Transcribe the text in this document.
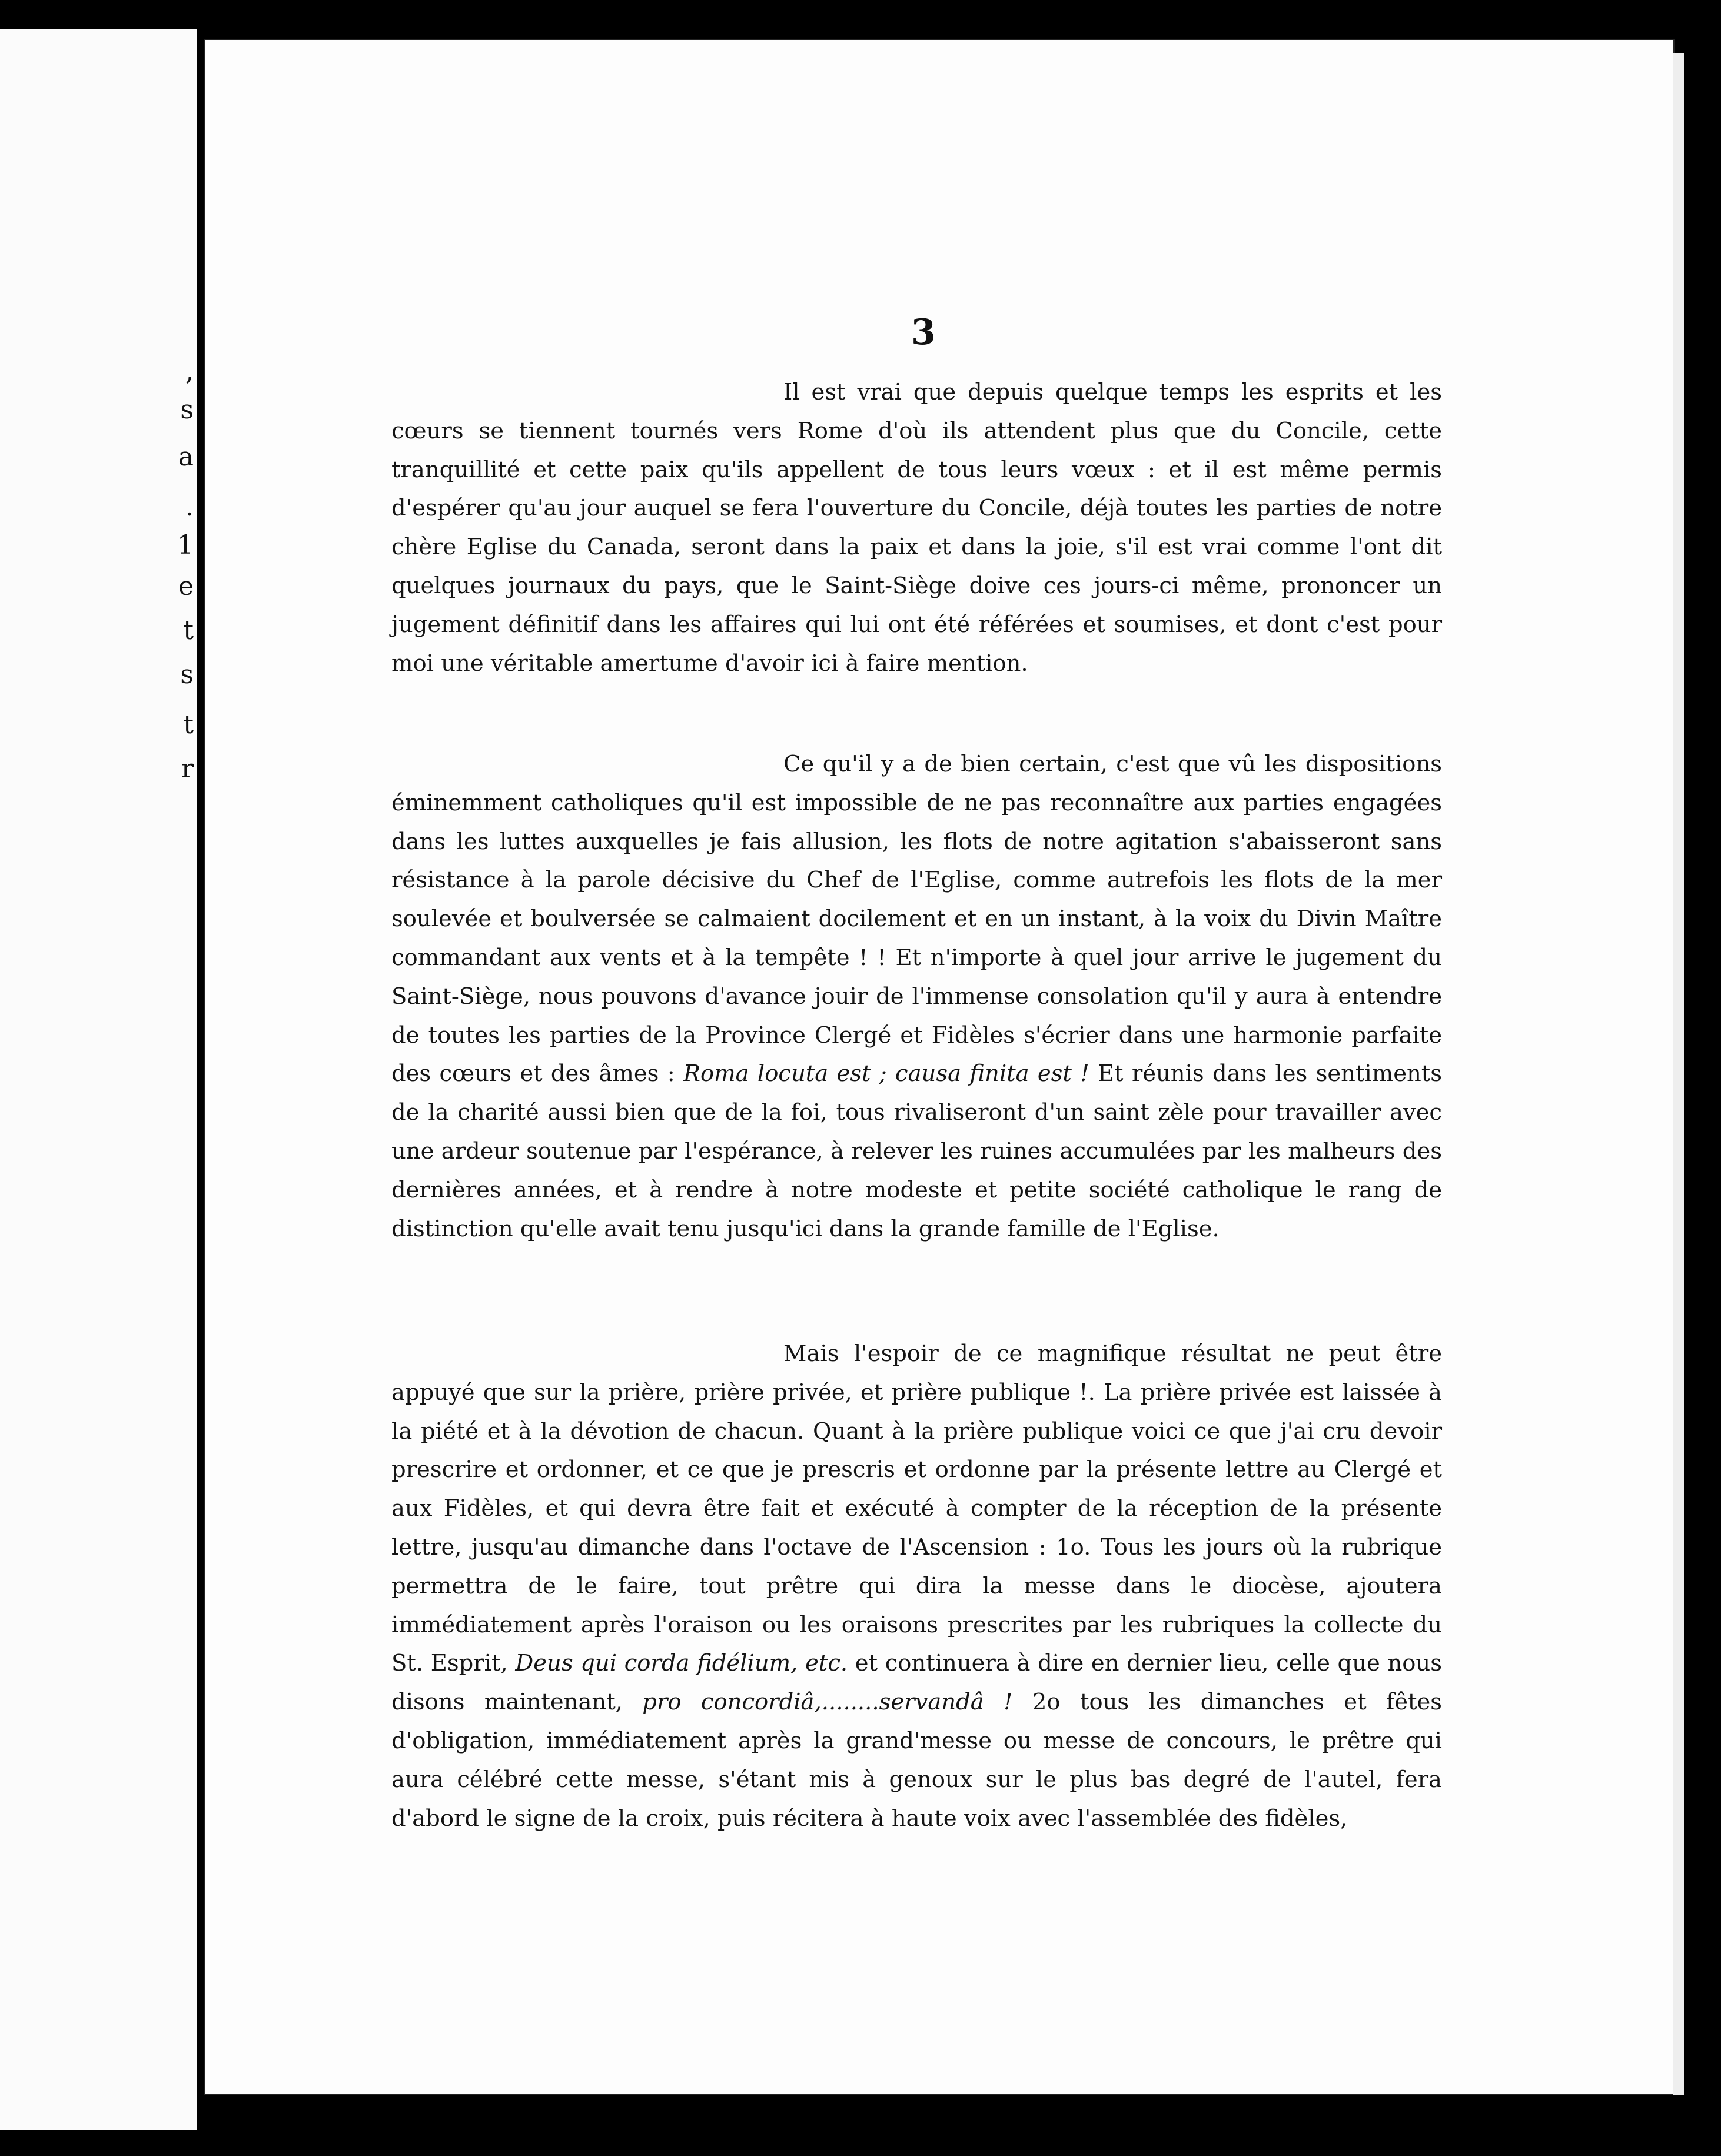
,
s
a
.
1
e
t
s
t
r
3

Il est vrai que depuis quelque temps les esprits et les cœurs se tiennent tournés vers Rome d'où ils attendent plus que du Concile, cette tranquillité et cette paix qu'ils appellent de tous leurs vœux : et il est même permis d'espérer qu'au jour auquel se fera l'ouverture du Concile, déjà toutes les parties de notre chère Eglise du Canada, seront dans la paix et dans la joie, s'il est vrai comme l'ont dit quelques journaux du pays, que le Saint-Siège doive ces jours-ci même, prononcer un jugement définitif dans les affaires qui lui ont été référées et soumises, et dont c'est pour moi une véritable amertume d'avoir ici à faire mention.

Ce qu'il y a de bien certain, c'est que vû les dispositions éminemment catholiques qu'il est impossible de ne pas reconnaître aux parties engagées dans les luttes auxquelles je fais allusion, les flots de notre agitation s'abaisseront sans résistance à la parole décisive du Chef de l'Eglise, comme autrefois les flots de la mer soulevée et boulversée se calmaient docilement et en un instant, à la voix du Divin Maître commandant aux vents et à la tempête ! ! Et n'importe à quel jour arrive le jugement du Saint-Siège, nous pouvons d'avance jouir de l'immense consolation qu'il y aura à entendre de toutes les parties de la Province Clergé et Fidèles s'écrier dans une harmonie parfaite des cœurs et des âmes : Roma locuta est ; causa finita est ! Et réunis dans les sentiments de la charité aussi bien que de la foi, tous rivaliseront d'un saint zèle pour travailler avec une ardeur soutenue par l'espérance, à relever les ruines accumulées par les malheurs des dernières années, et à rendre à notre modeste et petite société catholique le rang de distinction qu'elle avait tenu jusqu'ici dans la grande famille de l'Eglise.

Mais l'espoir de ce magnifique résultat ne peut être appuyé que sur la prière, prière privée, et prière publique !. La prière privée est laissée à la piété et à la dévotion de chacun. Quant à la prière publique voici ce que j'ai cru devoir prescrire et ordonner, et ce que je prescris et ordonne par la présente lettre au Clergé et aux Fidèles, et qui devra être fait et exécuté à compter de la réception de la présente lettre, jusqu'au dimanche dans l'octave de l'Ascension : 1o. Tous les jours où la rubrique permettra de le faire, tout prêtre qui dira la messe dans le diocèse, ajoutera immédiatement après l'oraison ou les oraisons prescrites par les rubriques la collecte du St. Esprit, Deus qui corda fidélium, etc. et continuera à dire en dernier lieu, celle que nous disons maintenant, pro concordiâ,........servandâ ! 2o tous les dimanches et fêtes d'obligation, immédiatement après la grand'messe ou messe de concours, le prêtre qui aura célébré cette messe, s'étant mis à genoux sur le plus bas degré de l'autel, fera d'abord le signe de la croix, puis récitera à haute voix avec l'assemblée des fidèles,
